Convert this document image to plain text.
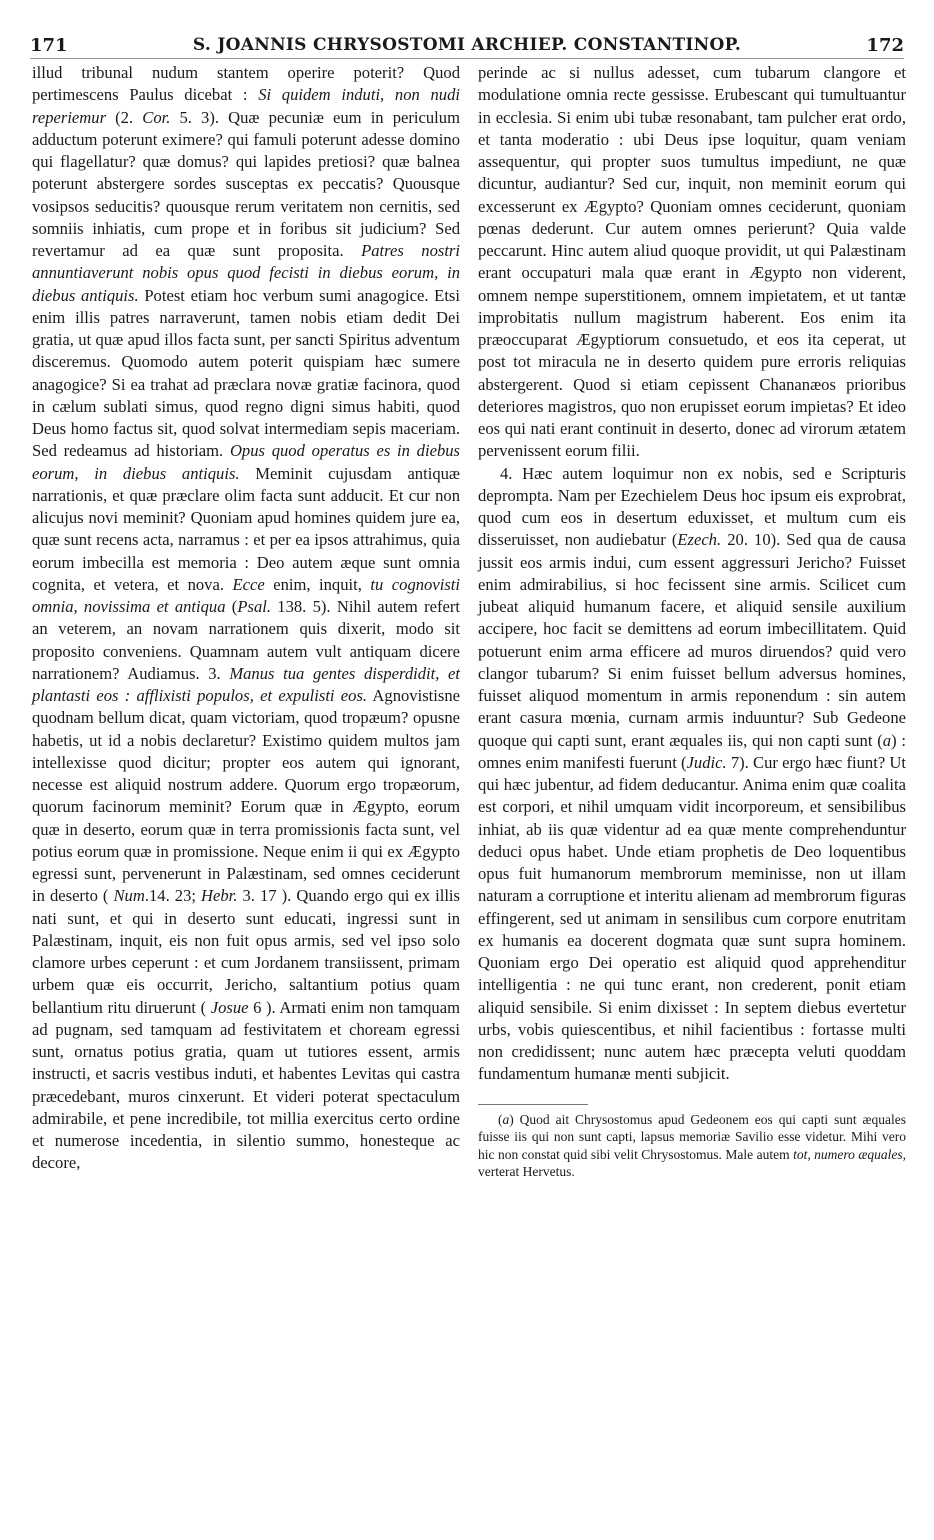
171	S. JOANNIS CHRYSOSTOMI ARCHIEP. CONSTANTINOP.	172

illud tribunal nudum stantem operire poterit? Quod pertimescens Paulus dicebat : Si quidem induti, non nudi reperiemur (2. Cor. 5. 3). Quæ pecuniæ eum in periculum adductum poterunt eximere? qui famuli poterunt adesse domino qui flagellatur? quæ domus? qui lapides pretiosi? quæ balnea poterunt abstergere sordes susceptas ex peccatis? Quousque vosipsos seducitis? quousque rerum veritatem non cernitis, sed somniis inhiatis, cum prope et in foribus sit judicium? Sed revertamur ad ea quæ sunt proposita. Patres nostri annuntiaverunt nobis opus quod fecisti in diebus eorum, in diebus antiquis. Potest etiam hoc verbum sumi anagogice. Etsi enim illis patres narraverunt, tamen nobis etiam dedit Dei gratia, ut quæ apud illos facta sunt, per sancti Spiritus adventum disceremus. Quomodo autem poterit quispiam hæc sumere anagogice? Si ea trahat ad præclara novæ gratiæ facinora, quod in cælum sublati simus, quod regno digni simus habiti, quod Deus homo factus sit, quod solvat intermediam sepis maceriam. Sed redeamus ad historiam. Opus quod operatus es in diebus eorum, in diebus antiquis. Meminit cujusdam antiquæ narrationis, et quæ præclare olim facta sunt adducit. Et cur non alicujus novi meminit? Quoniam apud homines quidem jure ea, quæ sunt recens acta, narramus : et per ea ipsos attrahimus, quia eorum imbecilla est memoria : Deo autem æque sunt omnia cognita, et vetera, et nova. Ecce enim, inquit, tu cognovisti omnia, novissima et antiqua (Psal. 138. 5). Nihil autem refert an veterem, an novam narrationem quis dixerit, modo sit proposito conveniens. Quamnam autem vult antiquam dicere narrationem? Audiamus. 3. Manus tua gentes disperdidit, et plantasti eos : afflixisti populos, et expulisti eos. Agnovistisne quodnam bellum dicat, quam victoriam, quod tropæum? opusne habetis, ut id a nobis declaretur? Existimo quidem multos jam intellexisse quod dicitur; propter eos autem qui ignorant, necesse est aliquid nostrum addere. Quorum ergo tropæorum, quorum facinorum meminit? Eorum quæ in Ægypto, eorum quæ in deserto, eorum quæ in terra promissionis facta sunt, vel potius eorum quæ in promissione. Neque enim ii qui ex Ægypto egressi sunt, pervenerunt in Palæstinam, sed omnes ceciderunt in deserto ( Num.14. 23; Hebr. 3. 17 ). Quando ergo qui ex illis nati sunt, et qui in deserto sunt educati, ingressi sunt in Palæstinam, inquit, eis non fuit opus armis, sed vel ipso solo clamore urbes ceperunt : et cum Jordanem transiissent, primam urbem quæ eis occurrit, Jericho, saltantium potius quam bellantium ritu diruerunt ( Josue 6 ). Armati enim non tamquam ad pugnam, sed tamquam ad festivitatem et choream egressi sunt, ornatus potius gratia, quam ut tutiores essent, armis instructi, et sacris vestibus induti, et habentes Levitas qui castra præcedebant, muros cinxerunt. Et videri poterat spectaculum admirabile, et pene incredibile, tot millia exercitus certo ordine et numerose incedentia, in silentio summo, honesteque ac decore,

perinde ac si nullus adesset, cum tubarum clangore et modulatione omnia recte gessisse. Erubescant qui tumultuantur in ecclesia. Si enim ubi tubæ resonabant, tam pulcher erat ordo, et tanta moderatio : ubi Deus ipse loquitur, quam veniam assequentur, qui propter suos tumultus impediunt, ne quæ dicuntur, audiantur? Sed cur, inquit, non meminit eorum qui excesserunt ex Ægypto? Quoniam omnes ceciderunt, quoniam pœnas dederunt. Cur autem omnes perierunt? Quia valde peccarunt. Hinc autem aliud quoque providit, ut qui Palæstinam erant occupaturi mala quæ erant in Ægypto non viderent, omnem nempe superstitionem, omnem impietatem, et ut tantæ improbitatis nullum magistrum haberent. Eos enim ita præoccuparat Ægyptiorum consuetudo, et eos ita ceperat, ut post tot miracula ne in deserto quidem pure erroris reliquias abstergerent. Quod si etiam cepissent Chananæos prioribus deteriores magistros, quo non erupisset eorum impietas? Et ideo eos qui nati erant continuit in deserto, donec ad virorum ætatem pervenissent eorum filii.

4. Hæc autem loquimur non ex nobis, sed e Scripturis deprompta. Nam per Ezechielem Deus hoc ipsum eis exprobrat, quod cum eos in desertum eduxisset, et multum cum eis disseruisset, non audiebatur (Ezech. 20. 10). Sed qua de causa jussit eos armis indui, cum essent aggressuri Jericho? Fuisset enim admirabilius, si hoc fecissent sine armis. Scilicet cum jubeat aliquid humanum facere, et aliquid sensile auxilium accipere, hoc facit se demittens ad eorum imbecillitatem. Quid potuerunt enim arma efficere ad muros diruendos? quid vero clangor tubarum? Si enim fuisset bellum adversus homines, fuisset aliquod momentum in armis reponendum : sin autem erant casura mœnia, curnam armis induuntur? Sub Gedeone quoque qui capti sunt, erant æquales iis, qui non capti sunt (a) : omnes enim manifesti fuerunt (Judic. 7). Cur ergo hæc fiunt? Ut qui hæc jubentur, ad fidem deducantur. Anima enim quæ coalita est corpori, et nihil umquam vidit incorporeum, et sensibilibus inhiat, ab iis quæ videntur ad ea quæ mente comprehenduntur deduci opus habet. Unde etiam prophetis de Deo loquentibus opus fuit humanorum membrorum meminisse, non ut illam naturam a corruptione et interitu alienam ad membrorum figuras effingerent, sed ut animam in sensilibus cum corpore enutritam ex humanis ea docerent dogmata quæ sunt supra hominem. Quoniam ergo Dei operatio est aliquid quod apprehenditur intelligentia : ne qui tunc erant, non crederent, ponit etiam aliquid sensibile. Si enim dixisset : In septem diebus evertetur urbs, vobis quiescentibus, et nihil facientibus : fortasse multi non credidissent; nunc autem hæc præcepta veluti quoddam fundamentum humanæ menti subjicit.

(a) Quod ait Chrysostomus apud Gedeonem eos qui capti sunt æquales fuisse iis qui non sunt capti, lapsus memoriæ Savilio esse videtur. Mihi vero hic non constat quid sibi velit Chrysostomus. Male autem tot, numero æquales, verterat Hervetus.
